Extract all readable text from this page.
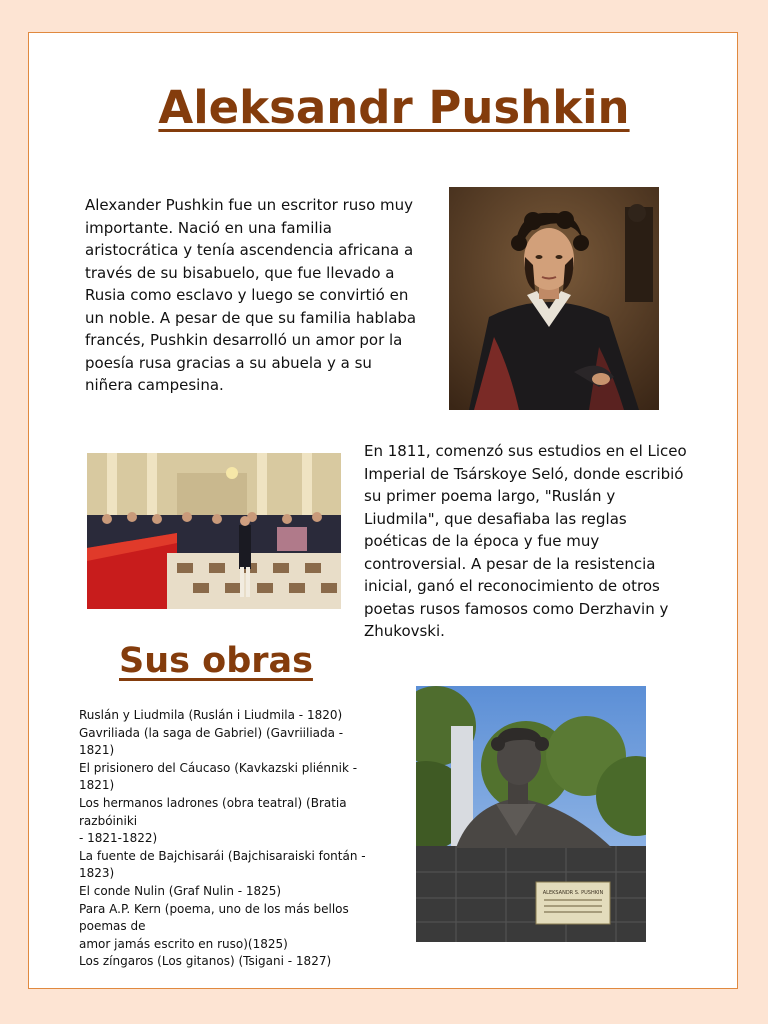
Aleksandr Pushkin

Alexander Pushkin fue un escritor ruso muy importante. Nació en una familia aristocrática y tenía ascendencia africana a través de su bisabuelo, que fue llevado a Rusia como esclavo y luego se convirtió en un noble. A pesar de que su familia hablaba francés, Pushkin desarrolló un amor por la poesía rusa gracias a su abuela y a su niñera campesina.

En 1811, comenzó sus estudios en el Liceo Imperial de Tsárskoye Seló, donde escribió su primer poema largo, "Ruslán y Liudmila", que desafiaba las reglas poéticas de la época y fue muy controversial. A pesar de la resistencia inicial, ganó el reconocimiento de otros poetas rusos famosos como Derzhavin y Zhukovski.

Sus obras
Ruslán y Liudmila (Ruslán i Liudmila - 1820)
Gavriliada (la saga de Gabriel) (Gavriiliada - 1821)
El prisionero del Cáucaso (Kavkazski pliénnik - 1821)
Los hermanos ladrones (obra teatral) (Bratia razbóiniki
- 1821-1822)
La fuente de Bajchisarái (Bajchisaraiski fontán - 1823)
El conde Nulin (Graf Nulin - 1825)
Para A.P. Kern (poema, uno de los más bellos poemas de
amor jamás escrito en ruso)(1825)
Los zíngaros (Los gitanos) (Tsigani - 1827)
ALEKSANDR S. PUSHKIN
